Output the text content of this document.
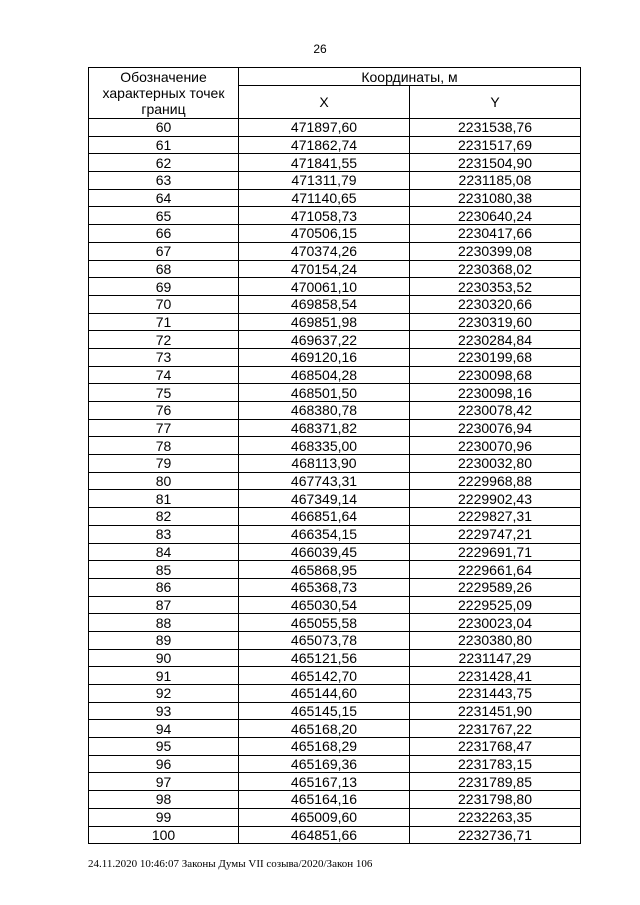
26
Обозначение характерных точек границ	Координаты, м	
	X	Y
60	471897,60	2231538,76
61	471862,74	2231517,69
62	471841,55	2231504,90
63	471311,79	2231185,08
64	471140,65	2231080,38
65	471058,73	2230640,24
66	470506,15	2230417,66
67	470374,26	2230399,08
68	470154,24	2230368,02
69	470061,10	2230353,52
70	469858,54	2230320,66
71	469851,98	2230319,60
72	469637,22	2230284,84
73	469120,16	2230199,68
74	468504,28	2230098,68
75	468501,50	2230098,16
76	468380,78	2230078,42
77	468371,82	2230076,94
78	468335,00	2230070,96
79	468113,90	2230032,80
80	467743,31	2229968,88
81	467349,14	2229902,43
82	466851,64	2229827,31
83	466354,15	2229747,21
84	466039,45	2229691,71
85	465868,95	2229661,64
86	465368,73	2229589,26
87	465030,54	2229525,09
88	465055,58	2230023,04
89	465073,78	2230380,80
90	465121,56	2231147,29
91	465142,70	2231428,41
92	465144,60	2231443,75
93	465145,15	2231451,90
94	465168,20	2231767,22
95	465168,29	2231768,47
96	465169,36	2231783,15
97	465167,13	2231789,85
98	465164,16	2231798,80
99	465009,60	2232263,35
100	464851,66	2232736,71
24.11.2020 10:46:07 Законы Думы VII созыва/2020/Закон 106
